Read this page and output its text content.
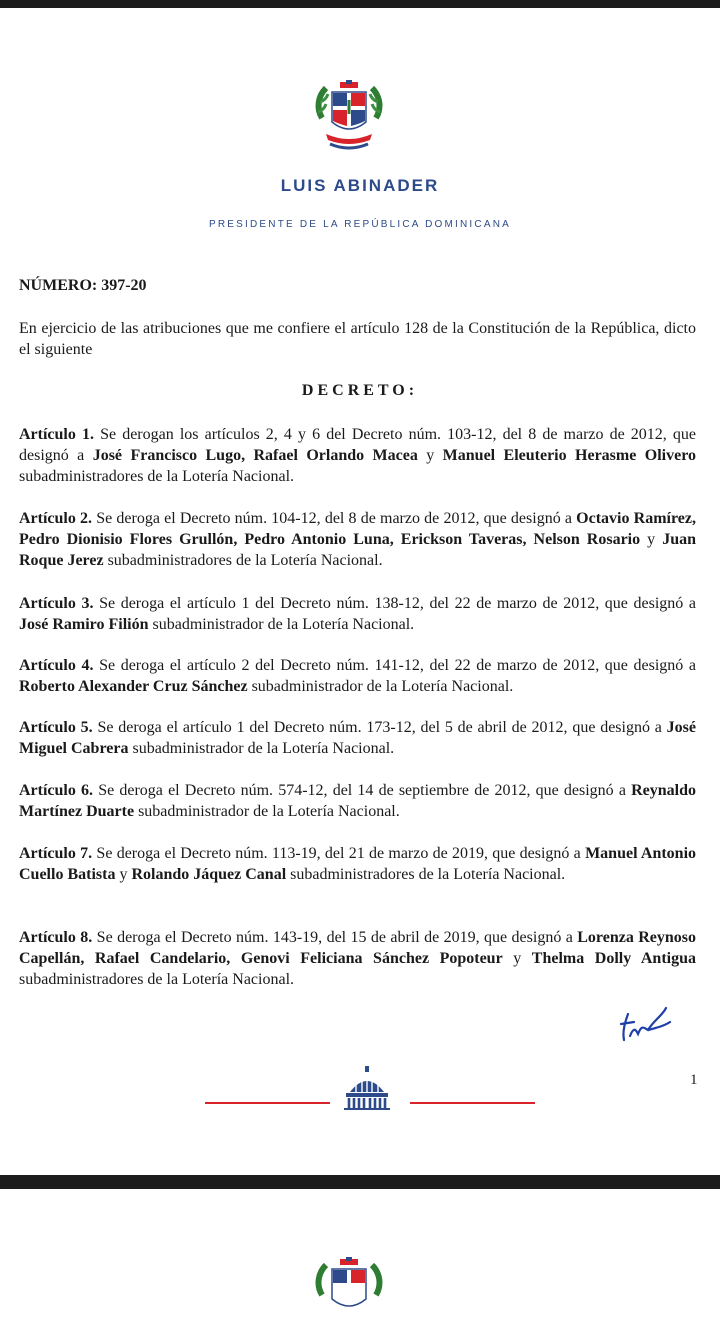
LUIS ABINADER
PRESIDENTE DE LA REPÚBLICA DOMINICANA
NÚMERO: 397-20
En ejercicio de las atribuciones que me confiere el artículo 128 de la Constitución de la República, dicto el siguiente
DECRETO:
Artículo 1. Se derogan los artículos 2, 4 y 6 del Decreto núm. 103-12, del 8 de marzo de 2012, que designó a José Francisco Lugo, Rafael Orlando Macea y Manuel Eleuterio Herasme Olivero subadministradores de la Lotería Nacional.
Artículo 2. Se deroga el Decreto núm. 104-12, del 8 de marzo de 2012, que designó a Octavio Ramírez, Pedro Dionisio Flores Grullón, Pedro Antonio Luna, Erickson Taveras, Nelson Rosario y Juan Roque Jerez subadministradores de la Lotería Nacional.
Artículo 3. Se deroga el artículo 1 del Decreto núm. 138-12, del 22 de marzo de 2012, que designó a José Ramiro Filión subadministrador de la Lotería Nacional.
Artículo 4. Se deroga el artículo 2 del Decreto núm. 141-12, del 22 de marzo de 2012, que designó a Roberto Alexander Cruz Sánchez subadministrador de la Lotería Nacional.
Artículo 5. Se deroga el artículo 1 del Decreto núm. 173-12, del 5 de abril de 2012, que designó a José Miguel Cabrera subadministrador de la Lotería Nacional.
Artículo 6. Se deroga el Decreto núm. 574-12, del 14 de septiembre de 2012, que designó a Reynaldo Martínez Duarte subadministrador de la Lotería Nacional.
Artículo 7. Se deroga el Decreto núm. 113-19, del 21 de marzo de 2019, que designó a Manuel Antonio Cuello Batista y Rolando Jáquez Canal subadministradores de la Lotería Nacional.
Artículo 8. Se deroga el Decreto núm. 143-19, del 15 de abril de 2019, que designó a Lorenza Reynoso Capellán, Rafael Candelario, Genovi Feliciana Sánchez Popoteur y Thelma Dolly Antigua subadministradores de la Lotería Nacional.
1
